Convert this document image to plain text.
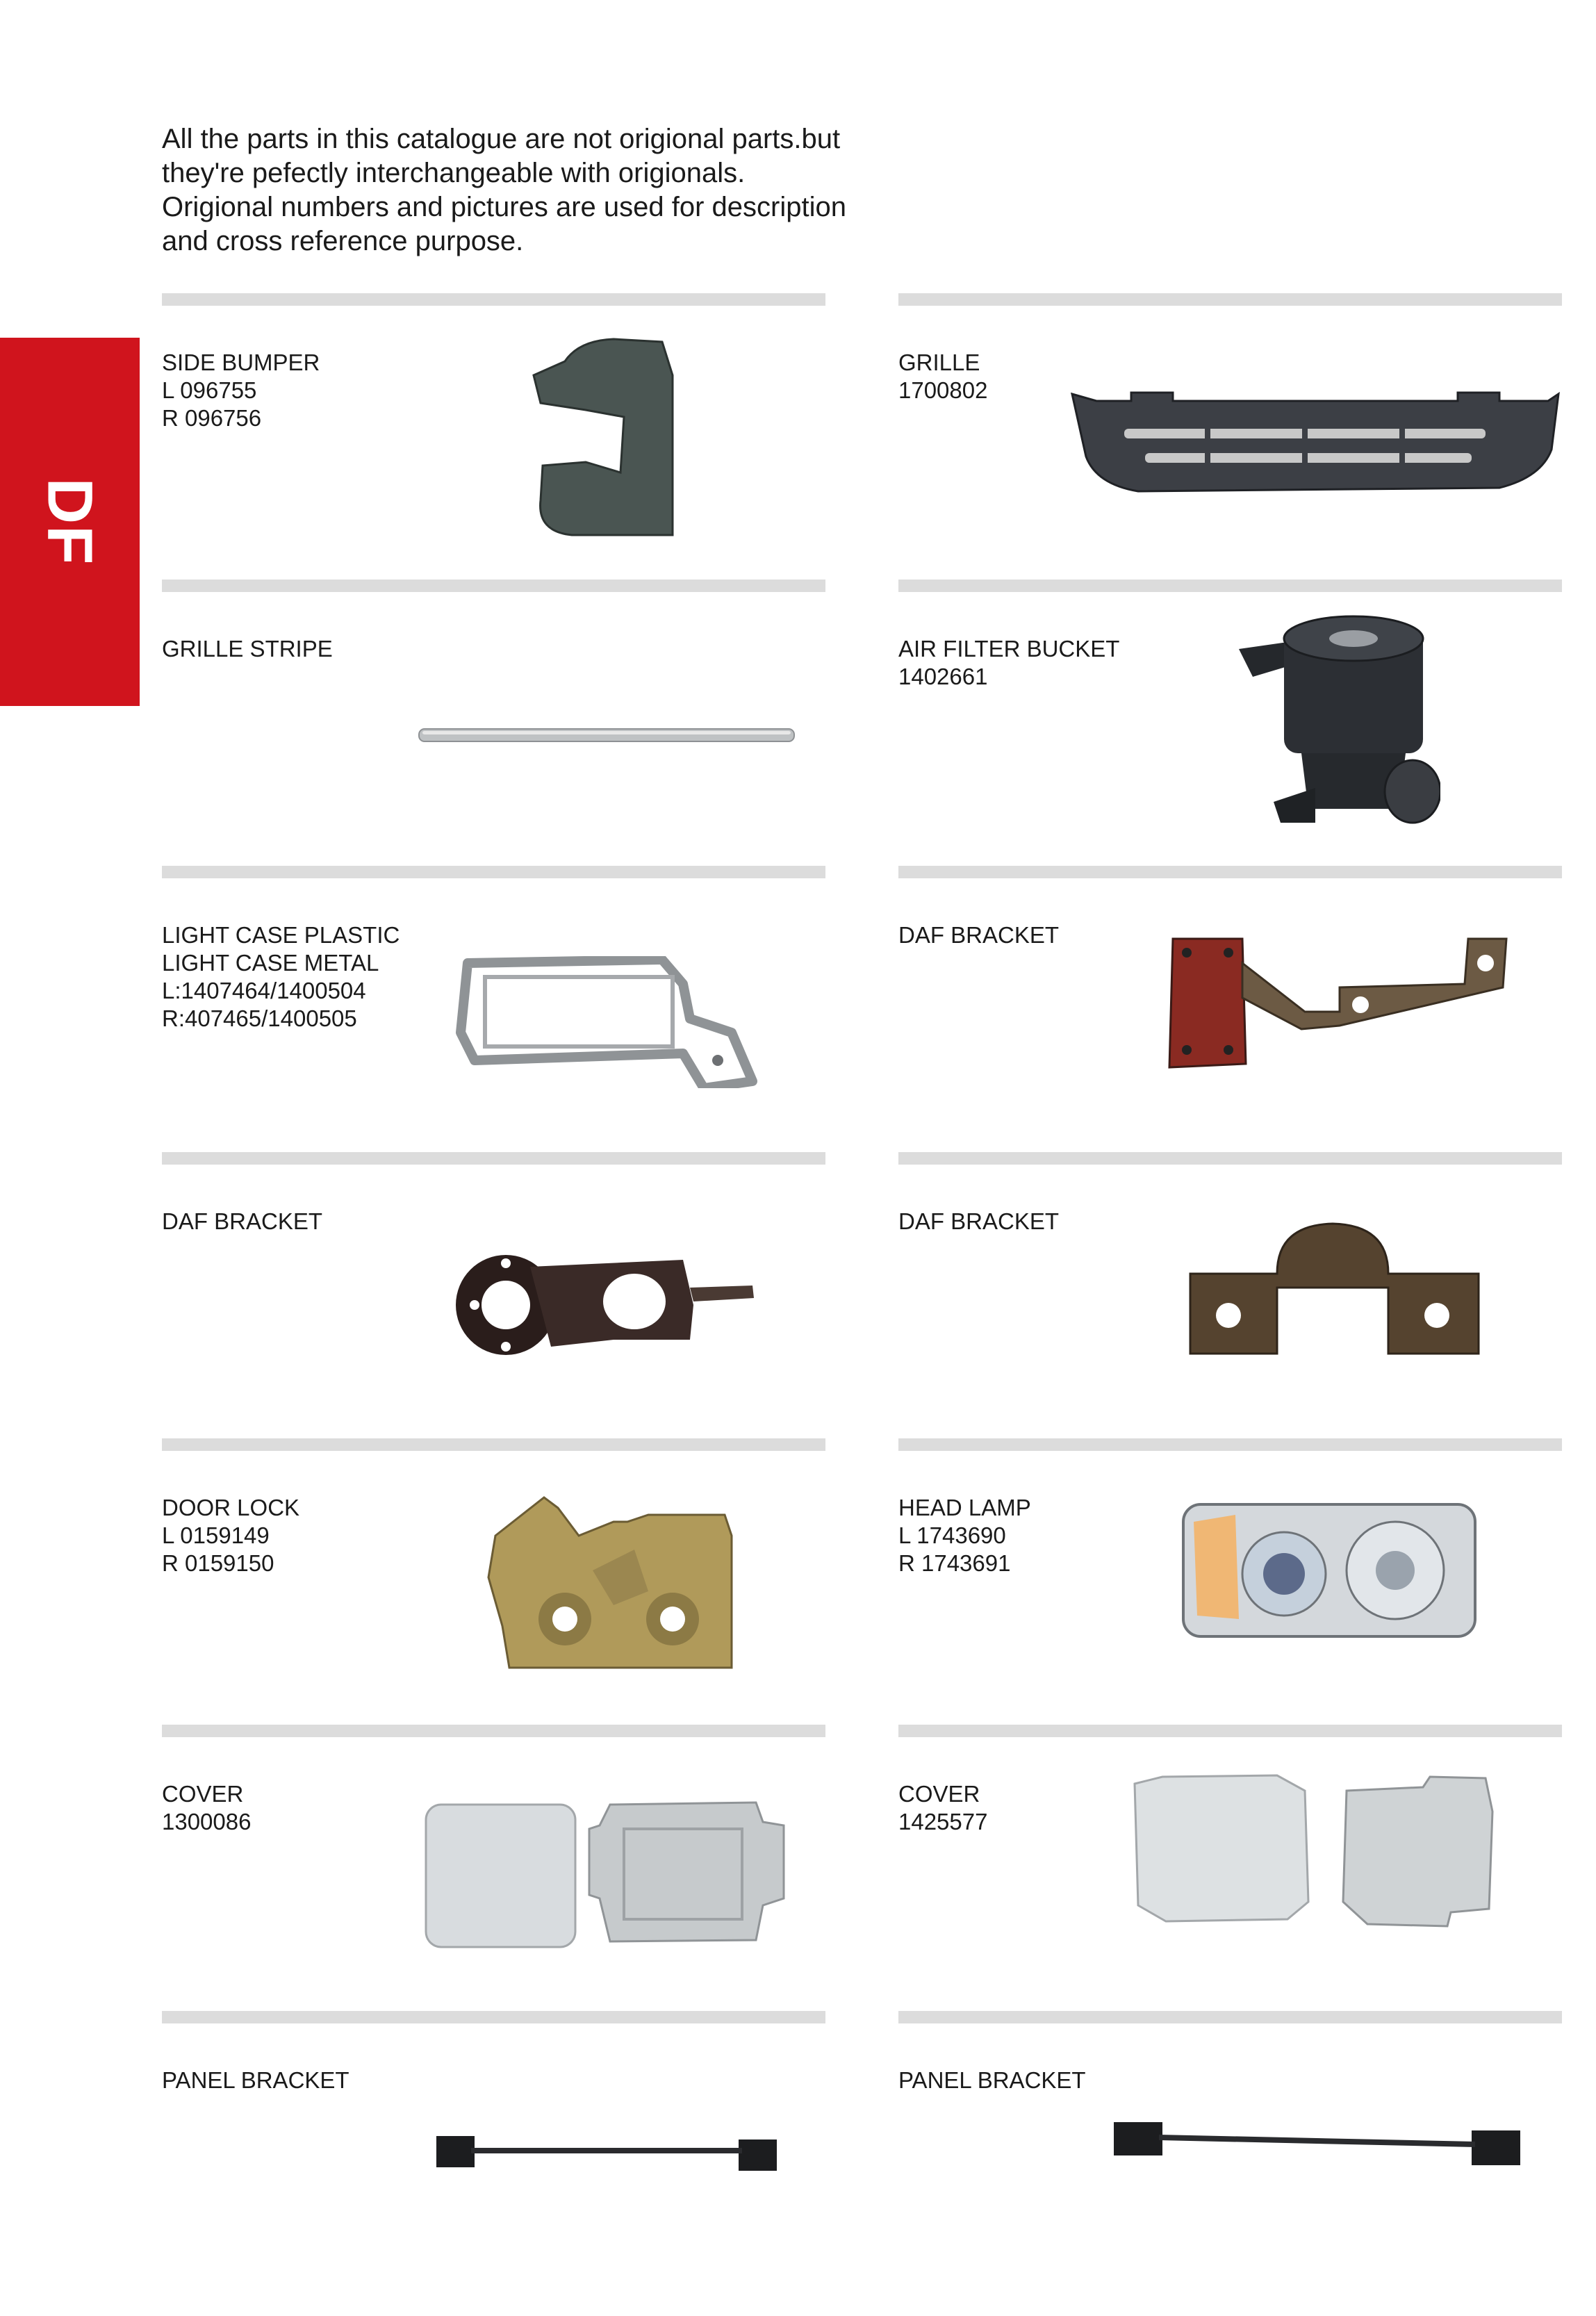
All the parts in this catalogue are not origional parts.but
they're pefectly interchangeable with origionals.
Origional numbers and pictures are used for description
and cross reference purpose.
DF
SIDE BUMPER
L 096755
R 096756
GRILLE
1700802
GRILLE STRIPE	AIR FILTER BUCKET
1402661
LIGHT CASE PLASTIC
LIGHT CASE METAL
L:1407464/1400504
R:407465/1400505
DAF BRACKET
DAF BRACKET	DAF BRACKET
DOOR LOCK
L 0159149
R 0159150
HEAD LAMP
L 1743690
R 1743691
COVER
1300086
COVER
1425577
PANEL BRACKET	PANEL BRACKET
